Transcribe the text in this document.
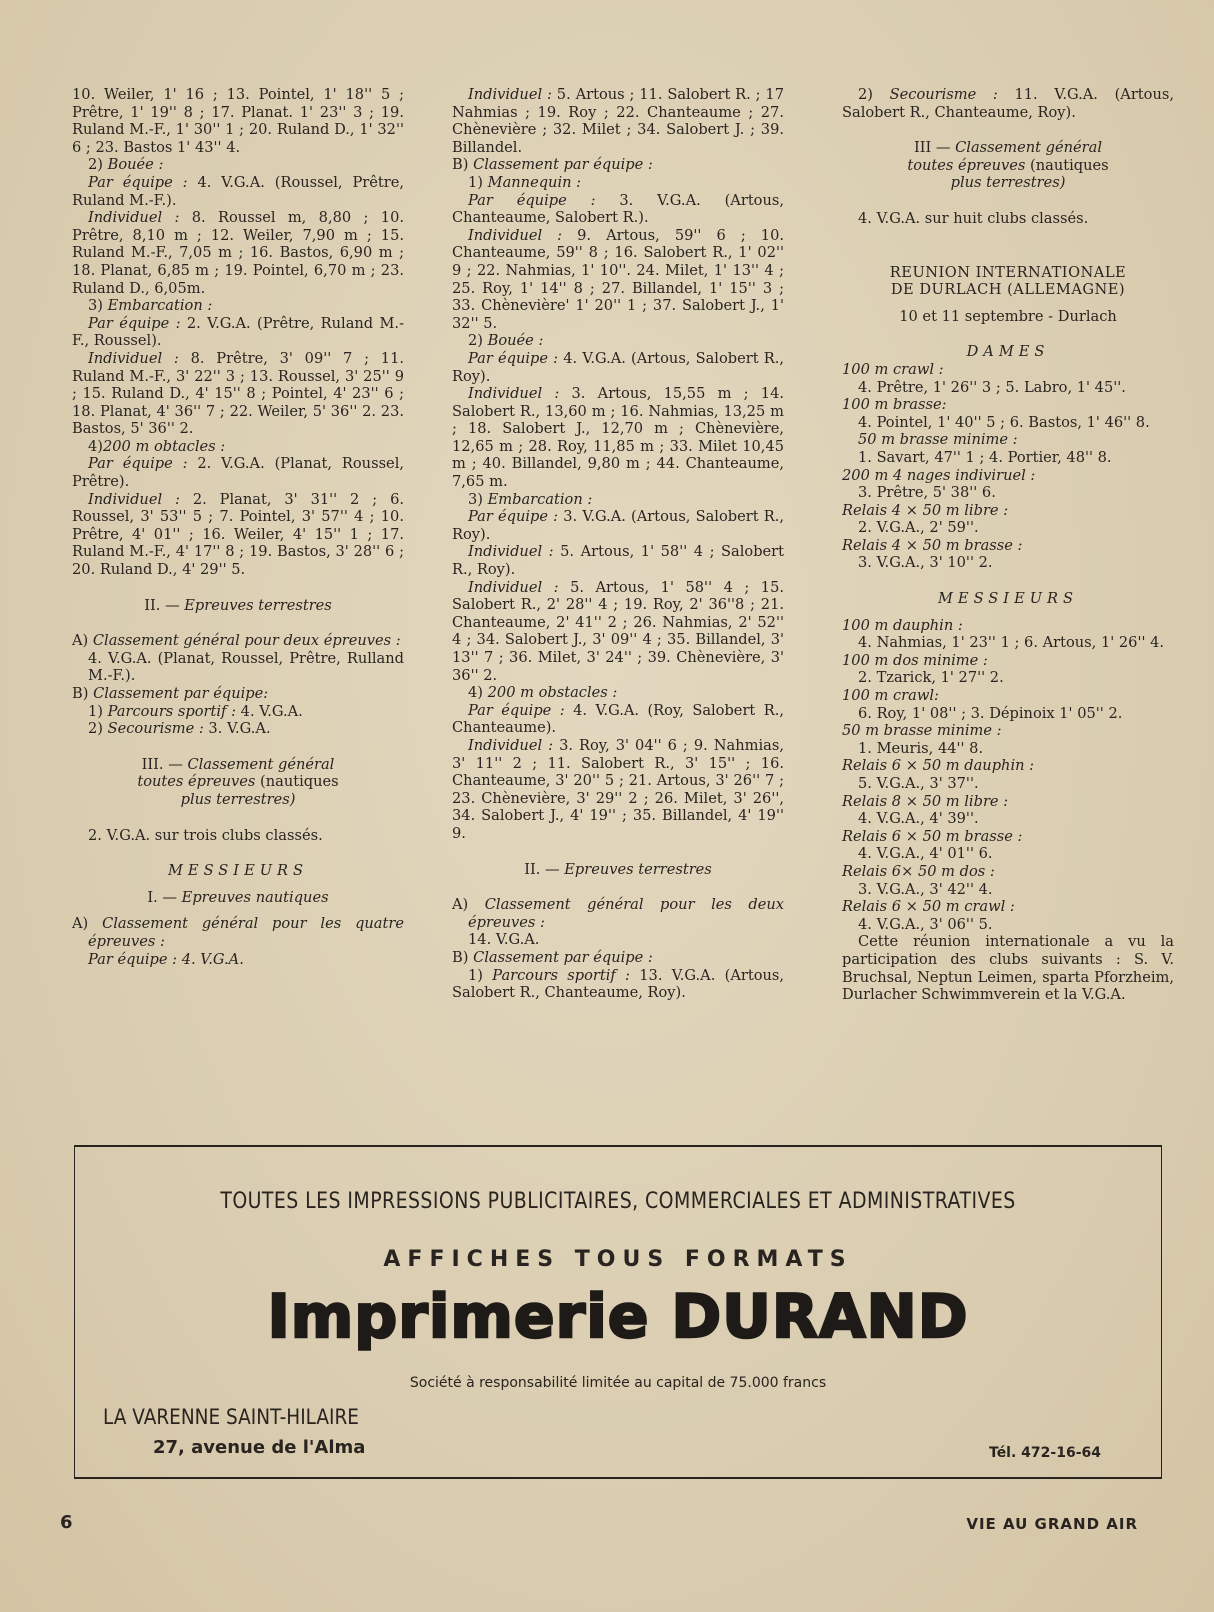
10. Weiler, 1' 16 ; 13. Pointel, 1' 18'' 5 ; Prêtre, 1' 19'' 8 ; 17. Planat. 1' 23'' 3 ; 19. Ruland M.-F., 1' 30'' 1 ; 20. Ruland D., 1' 32'' 6 ; 23. Bastos 1' 43'' 4.
2) Bouée :
Par équipe : 4. V.G.A. (Roussel, Prêtre, Ruland M.-F.).
Individuel : 8. Roussel m, 8,80 ; 10. Prêtre, 8,10 m ; 12. Weiler, 7,90 m ; 15. Ruland M.-F., 7,05 m ; 16. Bastos, 6,90 m ; 18. Planat, 6,85 m ; 19. Pointel, 6,70 m ; 23. Ruland D., 6,05m.
3) Embarcation :
Par équipe : 2. V.G.A. (Prêtre, Ruland M.-F., Roussel).
Individuel : 8. Prêtre, 3' 09'' 7 ; 11. Ruland M.-F., 3' 22'' 3 ; 13. Roussel, 3' 25'' 9 ; 15. Ruland D., 4' 15'' 8 ; Pointel, 4' 23'' 6 ; 18. Planat, 4' 36'' 7 ; 22. Weiler, 5' 36'' 2. 23. Bastos, 5' 36'' 2.
4)200 m obtacles :
Par équipe : 2. V.G.A. (Planat, Roussel, Prêtre).
Individuel : 2. Planat, 3' 31'' 2 ; 6. Roussel, 3' 53'' 5 ; 7. Pointel, 3' 57'' 4 ; 10. Prêtre, 4' 01'' ; 16. Weiler, 4' 15'' 1 ; 17. Ruland M.-F., 4' 17'' 8 ; 19. Bastos, 3' 28'' 6 ; 20. Ruland D., 4' 29'' 5.
II. — Epreuves terrestres
A) Classement général pour deux épreuves :
4. V.G.A. (Planat, Roussel, Prêtre, Rulland M.-F.).
B) Classement par équipe:
1) Parcours sportif : 4. V.G.A.
2) Secourisme : 3. V.G.A.
III. — Classement général
toutes épreuves (nautiques
plus terrestres)
2. V.G.A. sur trois clubs classés.
MESSIEURS
I. — Epreuves nautiques
A) Classement général pour les quatre épreuves :
Par équipe : 4. V.G.A.
Individuel : 5. Artous ; 11. Salobert R. ; 17 Nahmias ; 19. Roy ; 22. Chanteaume ; 27. Chènevière ; 32. Milet ; 34. Salobert J. ; 39. Billandel.
B) Classement par équipe :
1) Mannequin :
Par équipe : 3. V.G.A. (Artous, Chanteaume, Salobert R.).
Individuel : 9. Artous, 59'' 6 ; 10. Chanteaume, 59'' 8 ; 16. Salobert R., 1' 02'' 9 ; 22. Nahmias, 1' 10''. 24. Milet, 1' 13'' 4 ; 25. Roy, 1' 14'' 8 ; 27. Billandel, 1' 15'' 3 ; 33. Chènevière' 1' 20'' 1 ; 37. Salobert J., 1' 32'' 5.
2) Bouée :
Par équipe : 4. V.G.A. (Artous, Salobert R., Roy).
Individuel : 3. Artous, 15,55 m ; 14. Salobert R., 13,60 m ; 16. Nahmias, 13,25 m ; 18. Salobert J., 12,70 m ; Chènevière, 12,65 m ; 28. Roy, 11,85 m ; 33. Milet 10,45 m ; 40. Billandel, 9,80 m ; 44. Chanteaume, 7,65 m.
3) Embarcation :
Par équipe : 3. V.G.A. (Artous, Salobert R., Roy).
Individuel : 5. Artous, 1' 58'' 4 ; Salobert R., Roy).
Individuel : 5. Artous, 1' 58'' 4 ; 15. Salobert R., 2' 28'' 4 ; 19. Roy, 2' 36''8 ; 21. Chanteaume, 2' 41'' 2 ; 26. Nahmias, 2' 52'' 4 ; 34. Salobert J., 3' 09'' 4 ; 35. Billandel, 3' 13'' 7 ; 36. Milet, 3' 24'' ; 39. Chènevière, 3' 36'' 2.
4) 200 m obstacles :
Par équipe : 4. V.G.A. (Roy, Salobert R., Chanteaume).
Individuel : 3. Roy, 3' 04'' 6 ; 9. Nahmias, 3' 11'' 2 ; 11. Salobert R., 3' 15'' ; 16. Chanteaume, 3' 20'' 5 ; 21. Artous, 3' 26'' 7 ; 23. Chènevière, 3' 29'' 2 ; 26. Milet, 3' 26'', 34. Salobert J., 4' 19'' ; 35. Billandel, 4' 19'' 9.
II. — Epreuves terrestres
A) Classement général pour les deux épreuves :
14. V.G.A.
B) Classement par équipe :
1) Parcours sportif : 13. V.G.A. (Artous, Salobert R., Chanteaume, Roy).
2) Secourisme : 11. V.G.A. (Artous, Salobert R., Chanteaume, Roy).
III — Classement général
toutes épreuves (nautiques
plus terrestres)
4. V.G.A. sur huit clubs classés.
REUNION INTERNATIONALE
DE DURLACH (ALLEMAGNE)
10 et 11 septembre - Durlach
DAMES
100 m crawl :
4. Prêtre, 1' 26'' 3 ; 5. Labro, 1' 45''.
100 m brasse:
4. Pointel, 1' 40'' 5 ; 6. Bastos, 1' 46'' 8.
50 m brasse minime :
1. Savart, 47'' 1 ; 4. Portier, 48'' 8.
200 m 4 nages indiviruel :
3. Prêtre, 5' 38'' 6.
Relais 4 × 50 m libre :
2. V.G.A., 2' 59''.
Relais 4 × 50 m brasse :
3. V.G.A., 3' 10'' 2.
MESSIEURS
100 m dauphin :
4. Nahmias, 1' 23'' 1 ; 6. Artous, 1' 26'' 4.
100 m dos minime :
2. Tzarick, 1' 27'' 2.
100 m crawl:
6. Roy, 1' 08'' ; 3. Dépinoix 1' 05'' 2.
50 m brasse minime :
1. Meuris, 44'' 8.
Relais 6 × 50 m dauphin :
5. V.G.A., 3' 37''.
Relais 8 × 50 m libre :
4. V.G.A., 4' 39''.
Relais 6 × 50 m brasse :
4. V.G.A., 4' 01'' 6.
Relais 6× 50 m dos :
3. V.G.A., 3' 42'' 4.
Relais 6 × 50 m crawl :
4. V.G.A., 3' 06'' 5.
Cette réunion internationale a vu la participation des clubs suivants : S. V. Bruchsal, Neptun Leimen, sparta Pforzheim, Durlacher Schwimmverein et la V.G.A.
TOUTES LES IMPRESSIONS PUBLICITAIRES, COMMERCIALES ET ADMINISTRATIVES
AFFICHES TOUS FORMATS
Imprimerie DURAND
Société à responsabilité limitée au capital de 75.000 francs
LA VARENNE SAINT-HILAIRE
27, avenue de l'Alma	Tél. 472-16-64
6	VIE AU GRAND AIR
